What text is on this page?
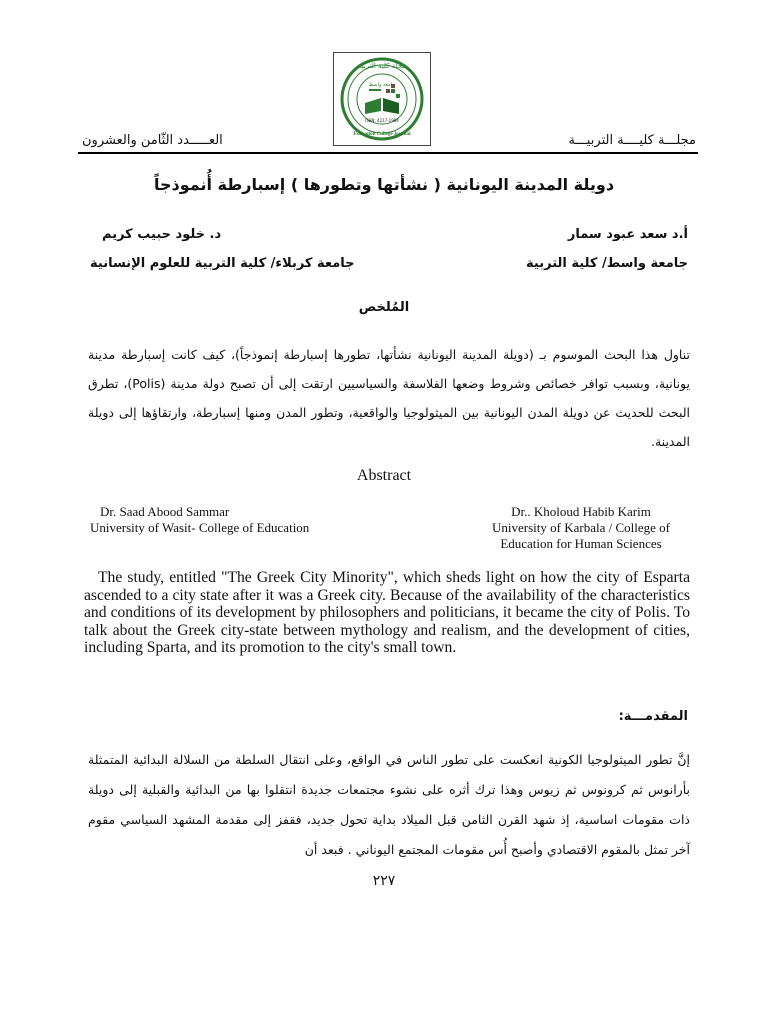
مجلة كلية التربية
جامعة واسط
ISSN: 4217-1994
Education College Journal	مجلـــة كليــــة التربيـــة
العـــــدد الثّامن والعشرون
دويلة المدينة اليونانية ( نشأتها وتطورها ) إسبارطة أُنموذجاً
أ.د سعد عبود سمار
جامعة واسط/ كلية التربية
د. خلود حبيب كريم
جامعة كربلاء/ كلية التربية للعلوم الإنسانية
المُلخص
تناول هذا البحث الموسوم بـ (دويلة المدينة اليونانية نشأتها، تطورها إسبارطة إنموذجاً)، كيف كانت إسبارطة مدينة يونانية، وبسبب توافر خصائص وشروط وضعها الفلاسفة والسياسيين ارتقت إلى أن تصبح دولة مدينة (Polis)، تطرق البحث للحديث عن دويلة المدن اليونانية بين الميثولوجيا والواقعية، وتطور المدن ومنها إسبارطة، وارتقاؤها إلى دويلة المدينة.
Abstract
Dr. Saad Abood Sammar
University of Wasit- College of Education
Dr.. Kholoud Habib Karim
University of Karbala / College of
Education for Human Sciences
The study, entitled "The Greek City Minority", which sheds light on how the city of Esparta ascended to a city state after it was a Greek city. Because of the availability of the characteristics and conditions of its development by philosophers and politicians, it became the city of Polis. To talk about the Greek city-state between mythology and realism, and the development of cities, including Sparta, and its promotion to the city's small town.
المقدمـــة:
إنَّ تطور الميثولوجيا الكونية انعكست على تطور الناس في الواقع، وعلى انتقال السلطة من السلالة البدائية المتمثلة بأرانوس ثم كرونوس ثم زيوس وهذا ترك أثره على نشوء مجتمعات جديدة انتقلوا بها من البدائية والقبلية إلى دويلة ذات مقومات اساسية، إذ شهد القرن الثامن قبل الميلاد بداية تحول جديد، فقفز إلى مقدمة المشهد السياسي مقوم آخر تمثل بالمقوم الاقتصادي وأصبح أُس مقومات المجتمع اليوناني . فبعد أن
٢٢٧
